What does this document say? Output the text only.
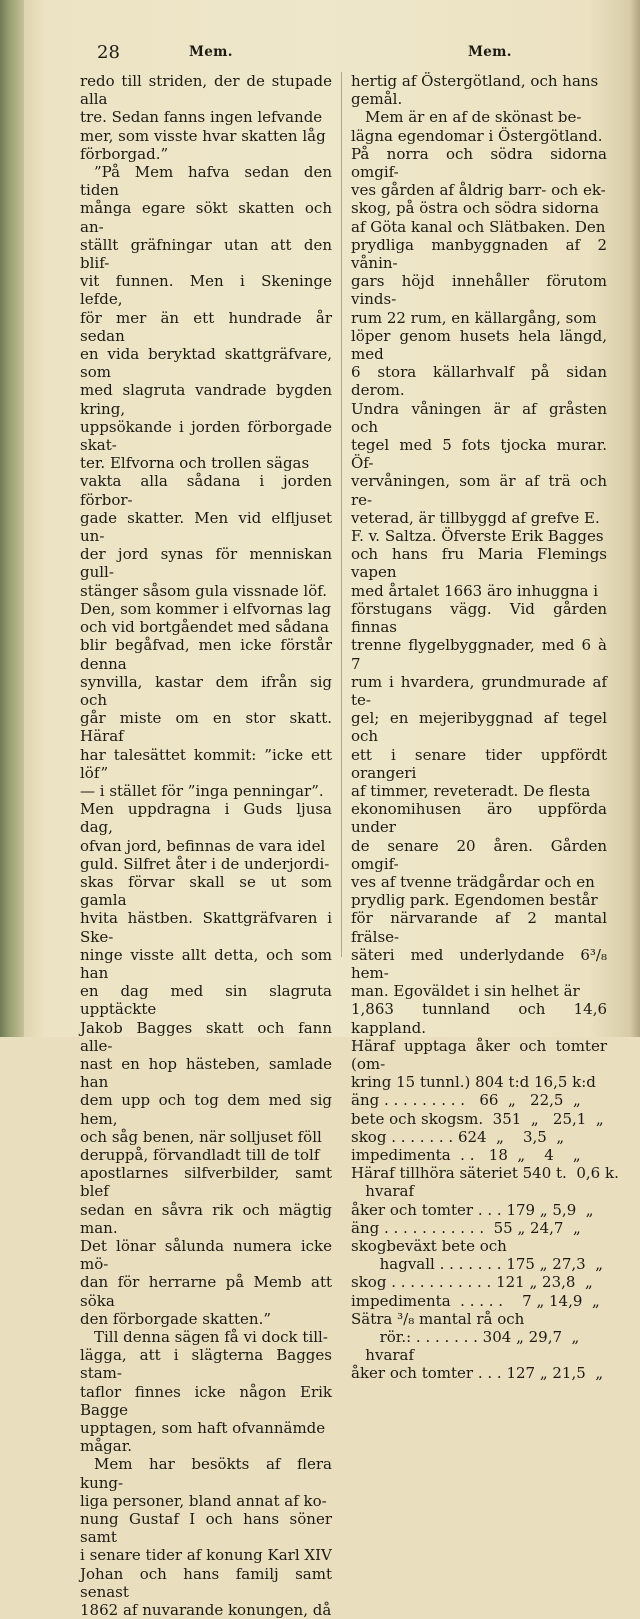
28	Mem.	Mem.

redo till striden, der de stupade alla
tre. Sedan fanns ingen lefvande
mer, som visste hvar skatten låg
förborgad.”

”På Mem hafva sedan den tiden
många egare sökt skatten och an-
ställt gräfningar utan att den blif-
vit funnen. Men i Skeninge lefde,
för mer än ett hundrade år sedan
en vida beryktad skattgräfvare, som
med slagruta vandrade bygden kring,
uppsökande i jorden förborgade skat-
ter. Elfvorna och trollen sägas
vakta alla sådana i jorden förbor-
gade skatter. Men vid elfljuset un-
der jord synas för menniskan gull-
stänger såsom gula vissnade löf.
Den, som kommer i elfvornas lag
och vid bortgåendet med sådana
blir begåfvad, men icke förstår denna
synvilla, kastar dem ifrån sig och
går miste om en stor skatt. Häraf
har talesättet kommit: ”icke ett löf”
— i stället för ”inga penningar”.
Men uppdragna i Guds ljusa dag,
ofvan jord, befinnas de vara idel
guld. Silfret åter i de underjordi-
skas förvar skall se ut som gamla
hvita hästben. Skattgräfvaren i Ske-
ninge visste allt detta, och som han
en dag med sin slagruta upptäckte
Jakob Bagges skatt och fann alle-
nast en hop hästeben, samlade han
dem upp och tog dem med sig hem,
och såg benen, när solljuset föll
deruppå, förvandladt till de tolf
apostlarnes silfverbilder, samt blef
sedan en såvra rik och mägtig man.
Det lönar sålunda numera icke mö-
dan för herrarne på Memb att söka
den förborgade skatten.”

Till denna sägen få vi dock till-
lägga, att i slägterna Bagges stam-
taflor finnes icke någon Erik Bagge
upptagen, som haft ofvannämde
mågar.

Mem har besökts af flera kung-
liga personer, bland annat af ko-
nung Gustaf I och hans söner samt
i senare tider af konung Karl XIV
Johan och hans familj samt senast
1862 af nuvarande konungen, då

hertig af Östergötland, och hans
gemål.

Mem är en af de skönast be-
lägna egendomar i Östergötland.
På norra och södra sidorna omgif-
ves gården af åldrig barr- och ek-
skog, på östra och södra sidorna
af Göta kanal och Slätbaken. Den
prydliga manbyggnaden af 2 vånin-
gars höjd innehåller förutom vinds-
rum 22 rum, en källargång, som
löper genom husets hela längd, med
6 stora källarhvalf på sidan derom.
Undra våningen är af gråsten och
tegel med 5 fots tjocka murar. Öf-
vervåningen, som är af trä och re-
veterad, är tillbyggd af grefve E.
F. v. Saltza. Öfverste Erik Bagges
och hans fru Maria Flemings vapen
med årtalet 1663 äro inhuggna i
förstugans vägg. Vid gården finnas
trenne flygelbyggnader, med 6 à 7
rum i hvardera, grundmurade af te-
gel; en mejeribyggnad af tegel och
ett i senare tider uppfördt orangeri
af timmer, reveteradt. De flesta
ekonomihusen äro uppförda under
de senare 20 åren. Gården omgif-
ves af tvenne trädgårdar och en
prydlig park. Egendomen består
för närvarande af 2 mantal frälse-
säteri med underlydande 6³/₈ hem-
man. Egoväldet i sin helhet är
1,863 tunnland och 14,6 kappland.
Häraf upptaga åker och tomter (om-
kring 15 tunnl.) 804 t:d 16,5 k:d

äng . . . . . . . . .   66  „   22,5  „
bete och skogsm.  351  „   25,1  „
skog . . . . . . . 624  „    3,5  „
impedimenta  . .   18  „    4    „
Häraf tillhöra säteriet 540 t.  0,6 k.
hvaraf
åker och tomter . . . 179 „ 5,9  „
äng . . . . . . . . . . .  55 „ 24,7  „
skogbeväxt bete och
hagvall . . . . . . . 175 „ 27,3  „
skog . . . . . . . . . . . 121 „ 23,8  „
impedimenta  . . . . .    7 „ 14,9  „
Sätra ³/₈ mantal rå och
rör.: . . . . . . . 304 „ 29,7  „
hvaraf
åker och tomter . . . 127 „ 21,5  „
